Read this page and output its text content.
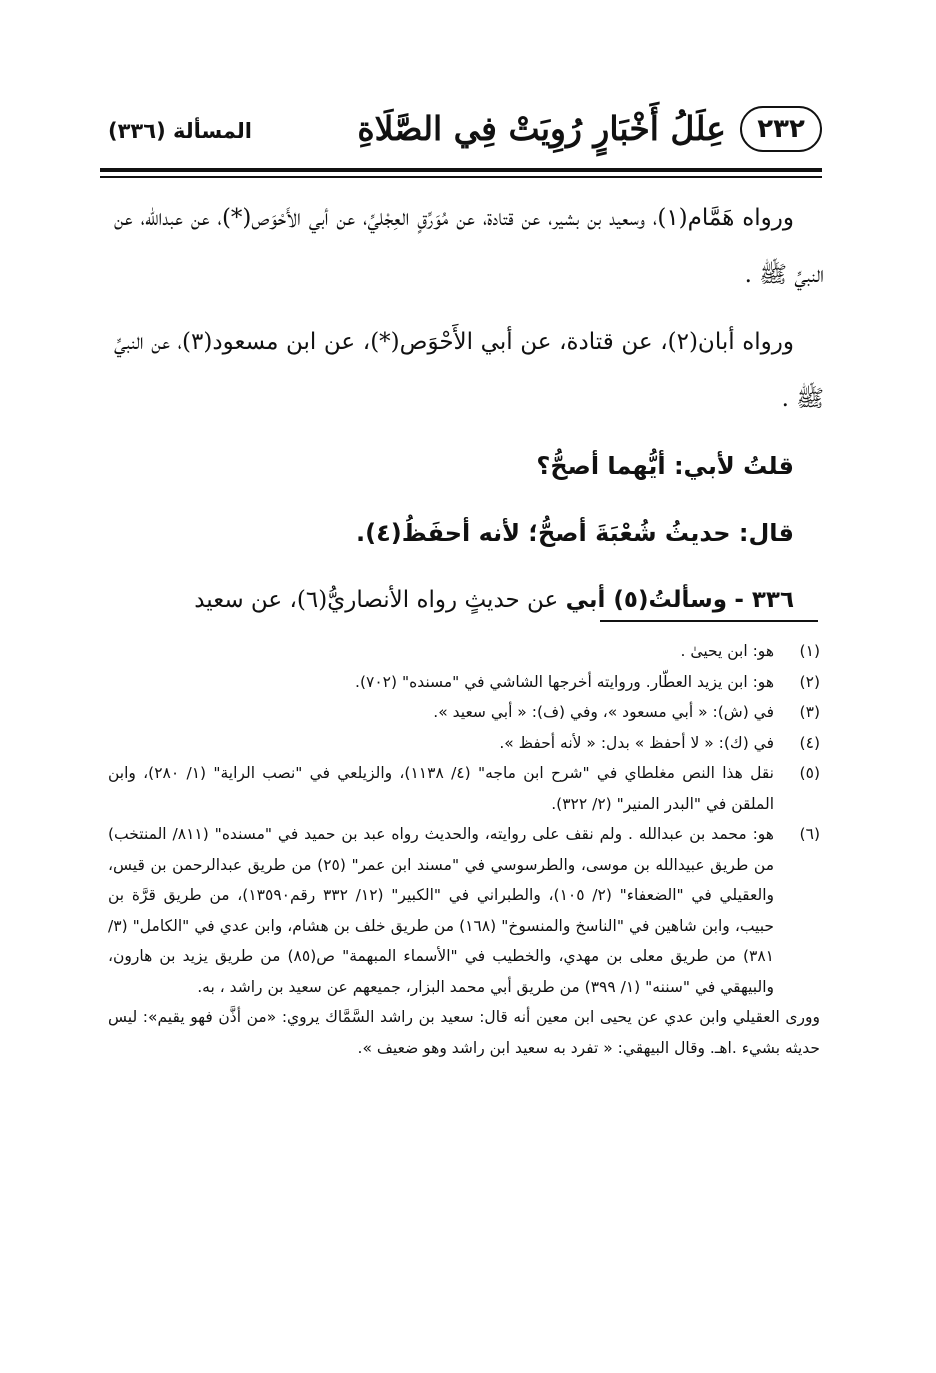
٢٣٢
عِلَلُ أَخْبَارٍ رُوِيَتْ فِي الصَّلَاةِ
المسألة (٣٣٦)

ورواه هَمَّام(١)، وسعيد بن بشير، عن قتادة، عن مُوَرِّقٍ العِجْليِّ، عن أبي الأَحْوَص(*)، عن عبدالله، عن النبيِّ ﷺ .

ورواه أبان(٢)، عن قتادة، عن أبي الأَحْوَص(*)، عن ابن مسعود(٣)، عن النبيِّ ﷺ .

قلتُ لأبي: أيُّهما أصحُّ؟

قال: حديثُ شُعْبَةَ أصحُّ؛ لأنه أحفَظُ(٤).

٣٣٦ - وسألتُ(٥) أبي عن حديثٍ رواه الأنصاريُّ(٦)، عن سعيد

(١)
هو: ابن يحيىٰ .
(٢)
هو: ابن يزيد العطّار. وروايته أخرجها الشاشي في "مسنده" (٧٠٢).
(٣)
في (ش): « أبي مسعود »، وفي (ف): « أبي سعيد ».
(٤)
في (ك): « لا أحفظ » بدل: « لأنه أحفظ ».
(٥)
نقل هذا النص مغلطاي في "شرح ابن ماجه" (٤/ ١١٣٨)، والزيلعي في "نصب الراية" (١/ ٢٨٠)، وابن الملقن في "البدر المنير" (٢/ ٣٢٢).
(٦)
هو: محمد بن عبدالله . ولم نقف على روايته، والحديث رواه عبد بن حميد في "مسنده" (٨١١/ المنتخب) من طريق عبيدالله بن موسى، والطرسوسي في "مسند ابن عمر" (٢٥) من طريق عبدالرحمن بن قيس، والعقيلي في "الضعفاء" (٢/ ١٠٥)، والطبراني في "الكبير" (١٢/ ٣٣٢ رقم١٣٥٩٠)، من طريق قرَّة بن حبيب، وابن شاهين في "الناسخ والمنسوخ" (١٦٨) من طريق خلف بن هشام، وابن عدي في "الكامل" (٣/ ٣٨١) من طريق معلى بن مهدي، والخطيب في "الأسماء المبهمة" ص(٨٥) من طريق يزيد بن هارون، والبيهقي في "سننه" (١/ ٣٩٩) من طريق أبي محمد البزار، جميعهم عن سعيد بن راشد ، به.
وورى العقيلي وابن عدي عن يحيى ابن معين أنه قال: سعيد بن راشد السَّمَّاك يروي: «من أذَّن فهو يقيم»: ليس حديثه بشيء .اهـ. وقال البيهقي: « تفرد به سعيد ابن راشد وهو ضعيف ».
